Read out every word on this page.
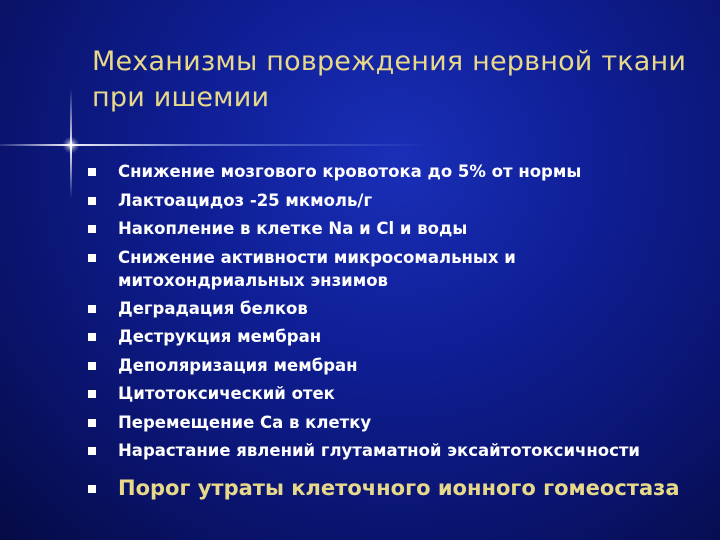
Механизмы повреждения нервной ткани при ишемии
Снижение мозгового кровотока до 5% от нормы
Лактоацидоз -25 мкмоль/г
Накопление в клетке Na и Cl и воды
Снижение активности микросомальных и митохондриальных энзимов
Деградация белков
Деструкция мембран
Деполяризация мембран
Цитотоксический отек
Перемещение Са в клетку
Нарастание явлений глутаматной эксайтотоксичности
Порог утраты клеточного ионного гомеостаза
